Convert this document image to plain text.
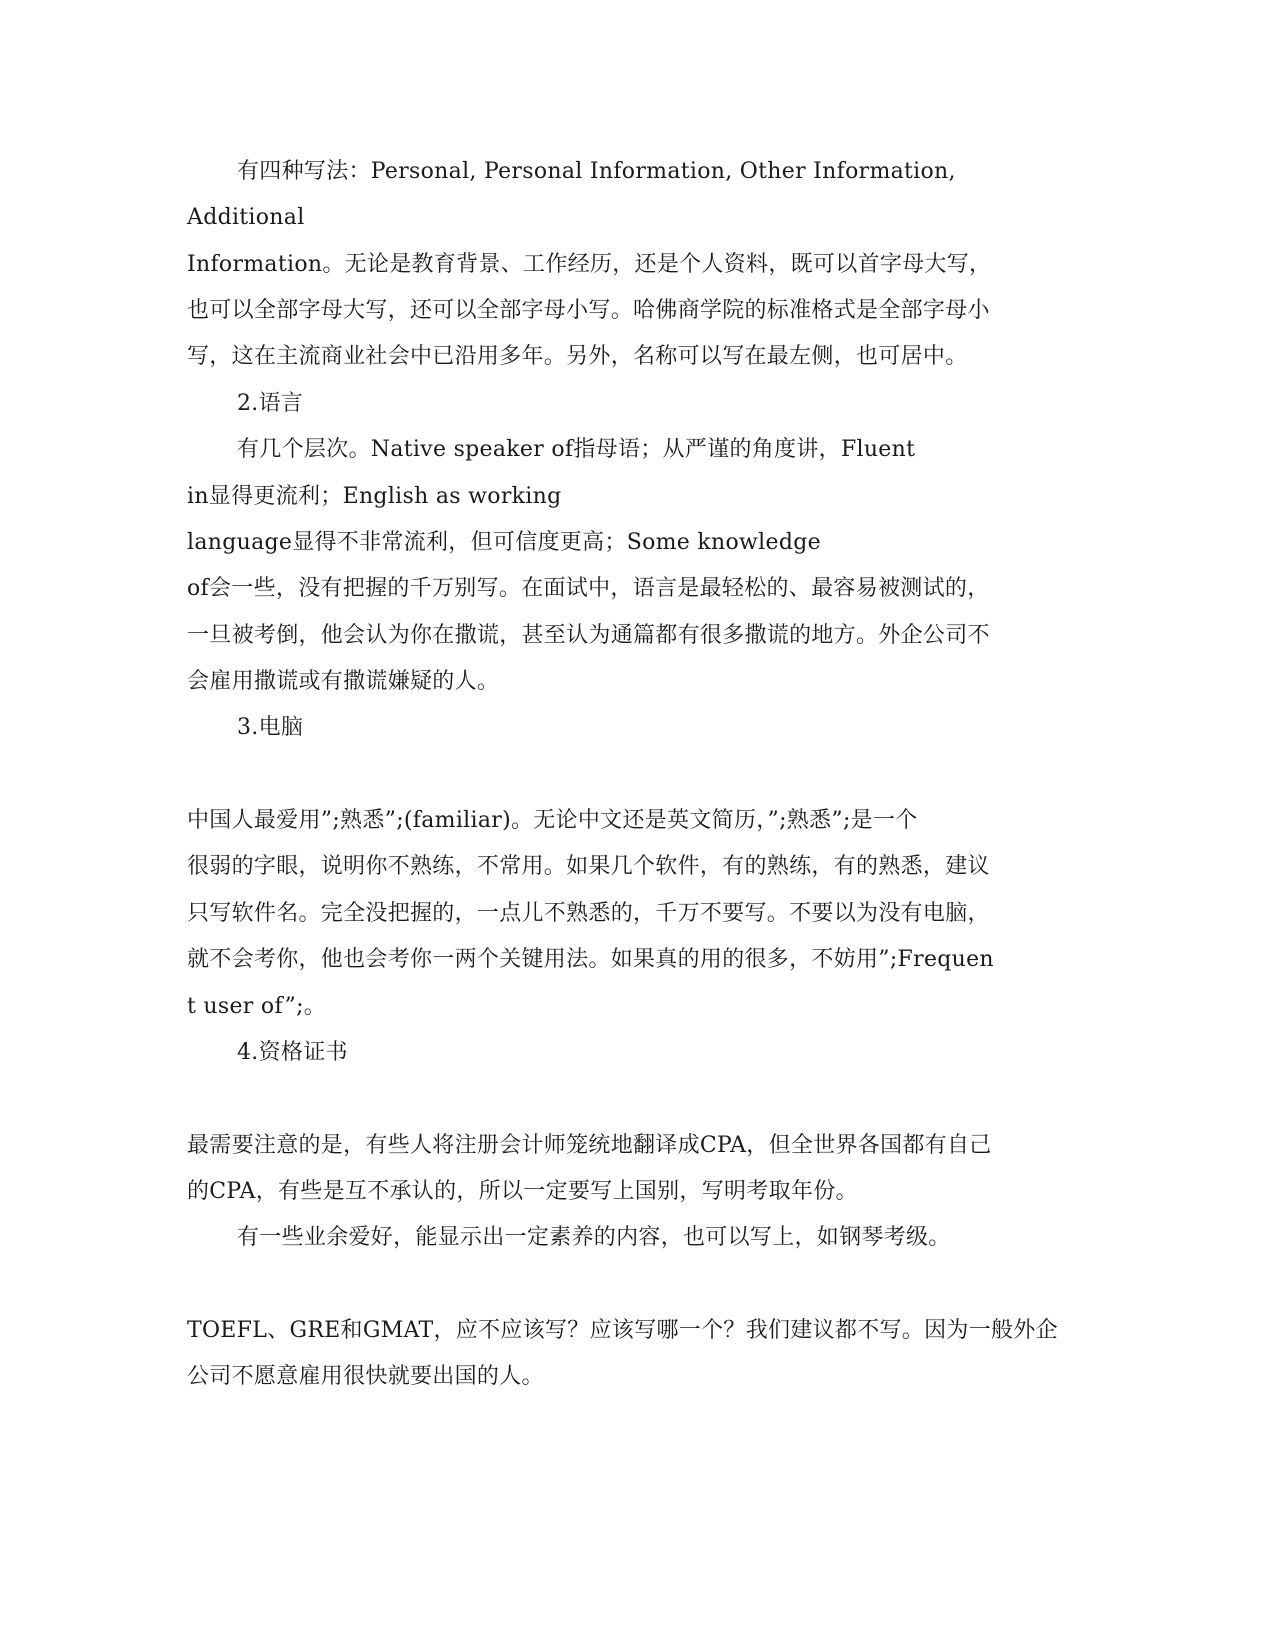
有四种写法：Personal, Personal Information, Other Information,
Additional
Information。无论是教育背景、工作经历，还是个人资料，既可以首字母大写，
也可以全部字母大写，还可以全部字母小写。哈佛商学院的标准格式是全部字母小
写，这在主流商业社会中已沿用多年。另外，名称可以写在最左侧，也可居中。
2.语言
有几个层次。Native speaker of指母语；从严谨的角度讲，Fluent
in显得更流利；English as working
language显得不非常流利，但可信度更高；Some knowledge
of会一些，没有把握的千万别写。在面试中，语言是最轻松的、最容易被测试的，
一旦被考倒，他会认为你在撒谎，甚至认为通篇都有很多撒谎的地方。外企公司不
会雇用撒谎或有撒谎嫌疑的人。
3.电脑
中国人最爱用”;熟悉”;(familiar)。无论中文还是英文简历，”;熟悉”;是一个
很弱的字眼，说明你不熟练，不常用。如果几个软件，有的熟练，有的熟悉，建议
只写软件名。完全没把握的，一点儿不熟悉的，千万不要写。不要以为没有电脑，
就不会考你，他也会考你一两个关键用法。如果真的用的很多，不妨用”;Frequen
t user of”;。
4.资格证书
最需要注意的是，有些人将注册会计师笼统地翻译成CPA，但全世界各国都有自己
的CPA，有些是互不承认的，所以一定要写上国别，写明考取年份。
有一些业余爱好，能显示出一定素养的内容，也可以写上，如钢琴考级。
TOEFL、GRE和GMAT，应不应该写？应该写哪一个？我们建议都不写。因为一般外企
公司不愿意雇用很快就要出国的人。
